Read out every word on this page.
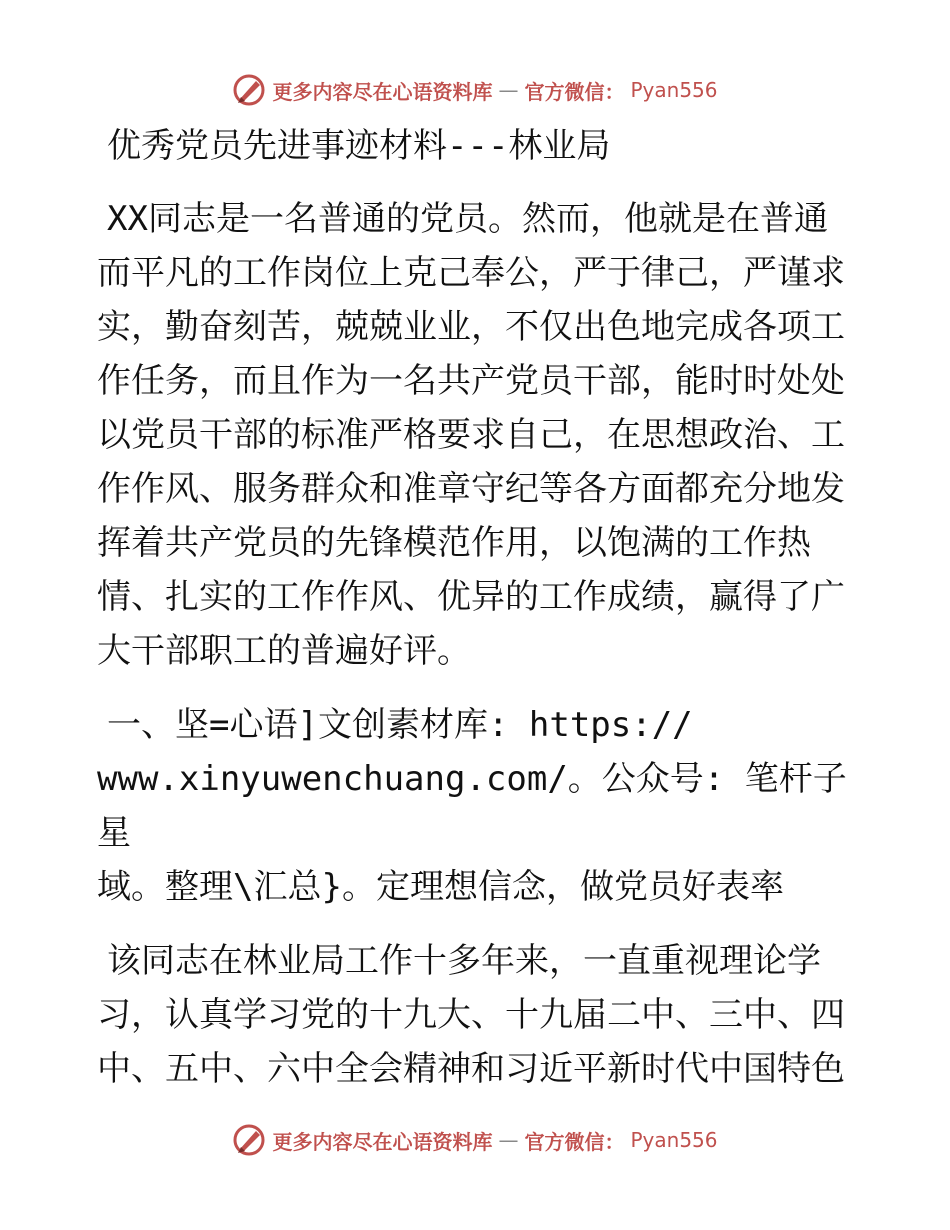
更多内容尽在心语资料库 — 官方微信： Pyan556
优秀党员先进事迹材料---林业局

XX同志是一名普通的党员。然而，他就是在普通而平凡的工作岗位上克己奉公，严于律己，严谨求实，勤奋刻苦，兢兢业业，不仅出色地完成各项工作任务，而且作为一名共产党员干部，能时时处处以党员干部的标准严格要求自己，在思想政治、工作作风、服务群众和准章守纪等各方面都充分地发挥着共产党员的先锋模范作用，以饱满的工作热情、扎实的工作作风、优异的工作成绩，赢得了广大干部职工的普遍好评。

一、坚=心语]文创素材库: https://
www.xinyuwenchuang.com/。公众号: 笔杆子星
域。整理\汇总}。定理想信念，做党员好表率

该同志在林业局工作十多年来，一直重视理论学习，认真学习党的十九大、十九届二中、三中、四中、五中、六中全会精神和习近平新时代中国特色

更多内容尽在心语资料库 — 官方微信： Pyan556
